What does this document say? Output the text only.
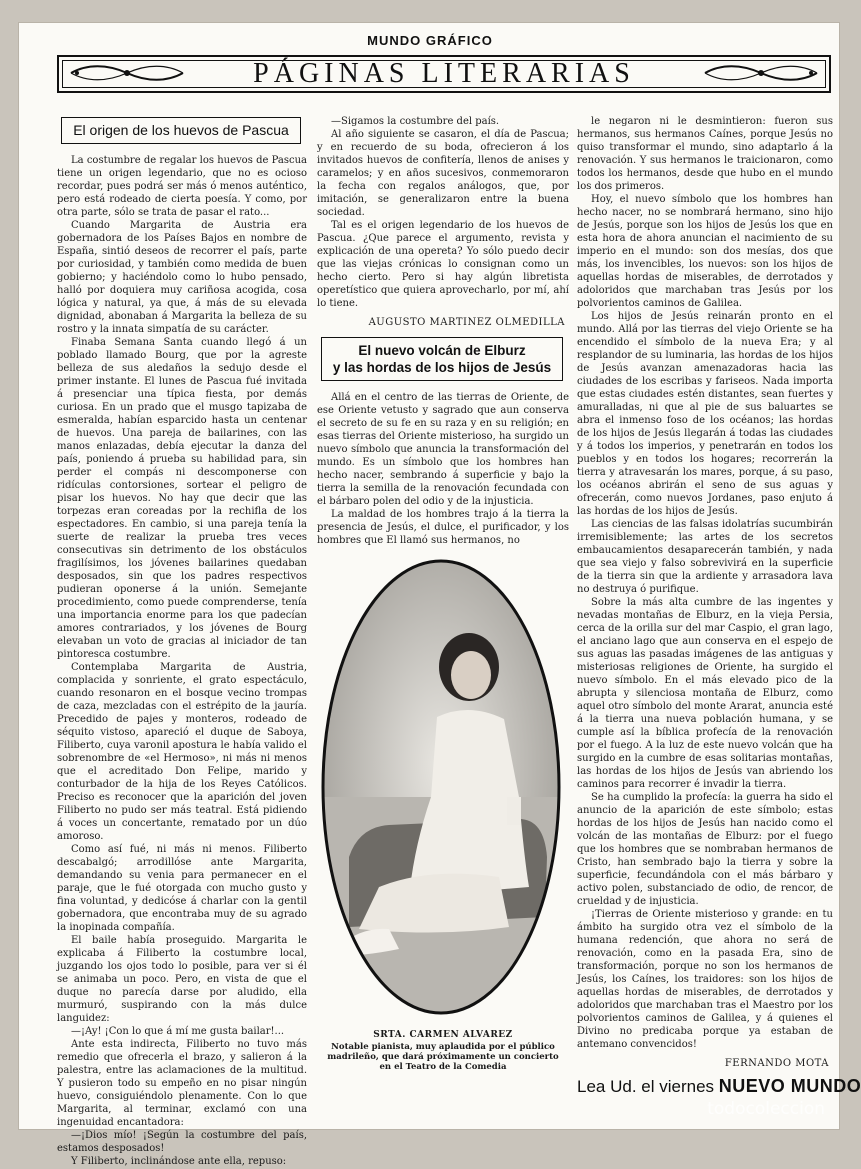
MUNDO GRÁFICO
PÁGINAS LITERARIAS
El origen de los huevos de Pascua

La costumbre de regalar los huevos de Pascua tiene un origen legendario, que no es ocioso recordar, pues podrá ser más ó menos auténtico, pero está rodeado de cierta poesía. Y como, por otra parte, sólo se trata de pasar el rato...

Cuando Margarita de Austria era gobernadora de los Países Bajos en nombre de España, sintió deseos de recorrer el país, parte por curiosidad, y también como medida de buen gobierno; y haciéndolo como lo hubo pensado, halló por doquiera muy cariñosa acogida, cosa lógica y natural, ya que, á más de su elevada dignidad, abonaban á Margarita la belleza de su rostro y la innata simpatía de su carácter.

Finaba Semana Santa cuando llegó á un poblado llamado Bourg, que por la agreste belleza de sus aledaños la sedujo desde el primer instante. El lunes de Pascua fué invitada á presenciar una típica fiesta, por demás curiosa. En un prado que el musgo tapizaba de esmeralda, habían esparcido hasta un centenar de huevos. Una pareja de bailarines, con las manos enlazadas, debía ejecutar la danza del país, poniendo á prueba su habilidad para, sin perder el compás ni descomponerse con ridículas contorsiones, sortear el peligro de pisar los huevos. No hay que decir que las torpezas eran coreadas por la rechifla de los espectadores. En cambio, si una pareja tenía la suerte de realizar la prueba tres veces consecutivas sin detrimento de los obstáculos fragilísimos, los jóvenes bailarines quedaban desposados, sin que los padres respectivos pudieran oponerse á la unión. Semejante procedimiento, como puede comprenderse, tenía una importancia enorme para los que padecían amores contrariados, y los jóvenes de Bourg elevaban un voto de gracias al iniciador de tan pintoresca costumbre.

Contemplaba Margarita de Austria, complacida y sonriente, el grato espectáculo, cuando resonaron en el bosque vecino trompas de caza, mezcladas con el estrépito de la jauría. Precedido de pajes y monteros, rodeado de séquito vistoso, apareció el duque de Saboya, Filiberto, cuya varonil apostura le había valido el sobrenombre de «el Hermoso», ni más ni menos que el acreditado Don Felipe, marido y conturbador de la hija de los Reyes Católicos. Preciso es reconocer que la aparición del joven Filiberto no pudo ser más teatral. Está pidiendo á voces un concertante, rematado por un dúo amoroso.

Como así fué, ni más ni menos. Filiberto descabalgó; arrodillóse ante Margarita, demandando su venia para permanecer en el paraje, que le fué otorgada con mucho gusto y fina voluntad, y dedicóse á charlar con la gentil gobernadora, que encontraba muy de su agrado la inopinada compañía.

El baile había proseguido. Margarita le explicaba á Filiberto la costumbre local, juzgando los ojos todo lo posible, para ver si él se animaba un poco. Pero, en vista de que el duque no parecía darse por aludido, ella murmuró, suspirando con la más dulce languidez:

—¡Ay! ¡Con lo que á mí me gusta bailar!...

Ante esta indirecta, Filiberto no tuvo más remedio que ofrecerla el brazo, y salieron á la palestra, entre las aclamaciones de la multitud. Y pusieron todo su empeño en no pisar ningún huevo, consiguiéndolo plenamente. Con lo que Margarita, al terminar, exclamó con una ingenuidad encantadora:

—¡Dios mío! ¡Según la costumbre del país, estamos desposados!

Y Filiberto, inclinándose ante ella, repuso:

—Sigamos la costumbre del país.

Al año siguiente se casaron, el día de Pascua; y en recuerdo de su boda, ofrecieron á los invitados huevos de confitería, llenos de anises y caramelos; y en años sucesivos, conmemoraron la fecha con regalos análogos, que, por imitación, se generalizaron entre la buena sociedad.

Tal es el origen legendario de los huevos de Pascua. ¿Que parece el argumento, revista y explicación de una opereta? Yo sólo puedo decir que las viejas crónicas lo consignan como un hecho cierto. Pero si hay algún libretista operetístico que quiera aprovecharlo, por mí, ahí lo tiene.

AUGUSTO MARTINEZ OLMEDILLA
El nuevo volcán de Elburz
y las hordas de los hijos de Jesús

Allá en el centro de las tierras de Oriente, de ese Oriente vetusto y sagrado que aun conserva el secreto de su fe en su raza y en su religión; en esas tierras del Oriente misterioso, ha surgido un nuevo símbolo que anuncia la transformación del mundo. Es un símbolo que los hombres han hecho nacer, sembrando á superficie y bajo la tierra la semilla de la renovación fecundada con el bárbaro polen del odio y de la injusticia.

La maldad de los hombres trajo á la tierra la presencia de Jesús, el dulce, el purificador, y los hombres que El llamó sus hermanos, no

SRTA. CARMEN ALVAREZ
Notable pianista, muy aplaudida por el público madrileño, que dará próximamente un concierto en el Teatro de la Comedia

le negaron ni le desmintieron: fueron sus hermanos, sus hermanos Caínes, porque Jesús no quiso transformar el mundo, sino adaptarlo á la renovación. Y sus hermanos le traicionaron, como todos los hermanos, desde que hubo en el mundo los dos primeros.

Hoy, el nuevo símbolo que los hombres han hecho nacer, no se nombrará hermano, sino hijo de Jesús, porque son los hijos de Jesús los que en esta hora de ahora anuncian el nacimiento de su imperio en el mundo: son dos mesías, dos que más, los invencibles, los nuevos: son los hijos de aquellas hordas de miserables, de derrotados y adoloridos que marchaban tras Jesús por los polvorientos caminos de Galilea.

Los hijos de Jesús reinarán pronto en el mundo. Allá por las tierras del viejo Oriente se ha encendido el símbolo de la nueva Era; y al resplandor de su luminaria, las hordas de los hijos de Jesús avanzan amenazadoras hacia las ciudades de los escribas y fariseos. Nada importa que estas ciudades estén distantes, sean fuertes y amuralladas, ni que al pie de sus baluartes se abra el inmenso foso de los océanos; las hordas de los hijos de Jesús llegarán á todas las ciudades y á todos los imperios, y penetrarán en todos los pueblos y en todos los hogares; recorrerán la tierra y atravesarán los mares, porque, á su paso, los océanos abrirán el seno de sus aguas y ofrecerán, como nuevos Jordanes, paso enjuto á las hordas de los hijos de Jesús.

Las ciencias de las falsas idolatrías sucumbirán irremisiblemente; las artes de los secretos embaucamientos desaparecerán también, y nada que sea viejo y falso sobrevivirá en la superficie de la tierra sin que la ardiente y arrasadora lava no destruya ó purifique.

Sobre la más alta cumbre de las ingentes y nevadas montañas de Elburz, en la vieja Persia, cerca de la orilla sur del mar Caspio, el gran lago, el anciano lago que aun conserva en el espejo de sus aguas las pasadas imágenes de las antiguas y misteriosas religiones de Oriente, ha surgido el nuevo símbolo. En el más elevado pico de la abrupta y silenciosa montaña de Elburz, como aquel otro símbolo del monte Ararat, anuncia esté á la tierra una nueva población humana, y se cumple así la bíblica profecía de la renovación por el fuego. A la luz de este nuevo volcán que ha surgido en la cumbre de esas solitarias montañas, las hordas de los hijos de Jesús van abriendo los caminos para recorrer é invadir la tierra.

Se ha cumplido la profecía: la guerra ha sido el anuncio de la aparición de este símbolo; estas hordas de los hijos de Jesús han nacido como el volcán de las montañas de Elburz: por el fuego que los hombres que se nombraban hermanos de Cristo, han sembrado bajo la tierra y sobre la superficie, fecundándola con el más bárbaro y activo polen, substanciado de odio, de rencor, de crueldad y de injusticia.

¡Tierras de Oriente misterioso y grande: en tu ámbito ha surgido otra vez el símbolo de la humana redención, que ahora no será de renovación, como en la pasada Era, sino de transformación, porque no son los hermanos de Jesús, los Caínes, los traidores: son los hijos de aquellas hordas de miserables, de derrotados y adoloridos que marchaban tras el Maestro por los polvorientos caminos de Galilea, y á quienes el Divino no predicaba porque ya estaban de antemano convencidos!

FERNANDO MOTA
Lea Ud. el viernes NUEVO MUNDO
todocoleccion
